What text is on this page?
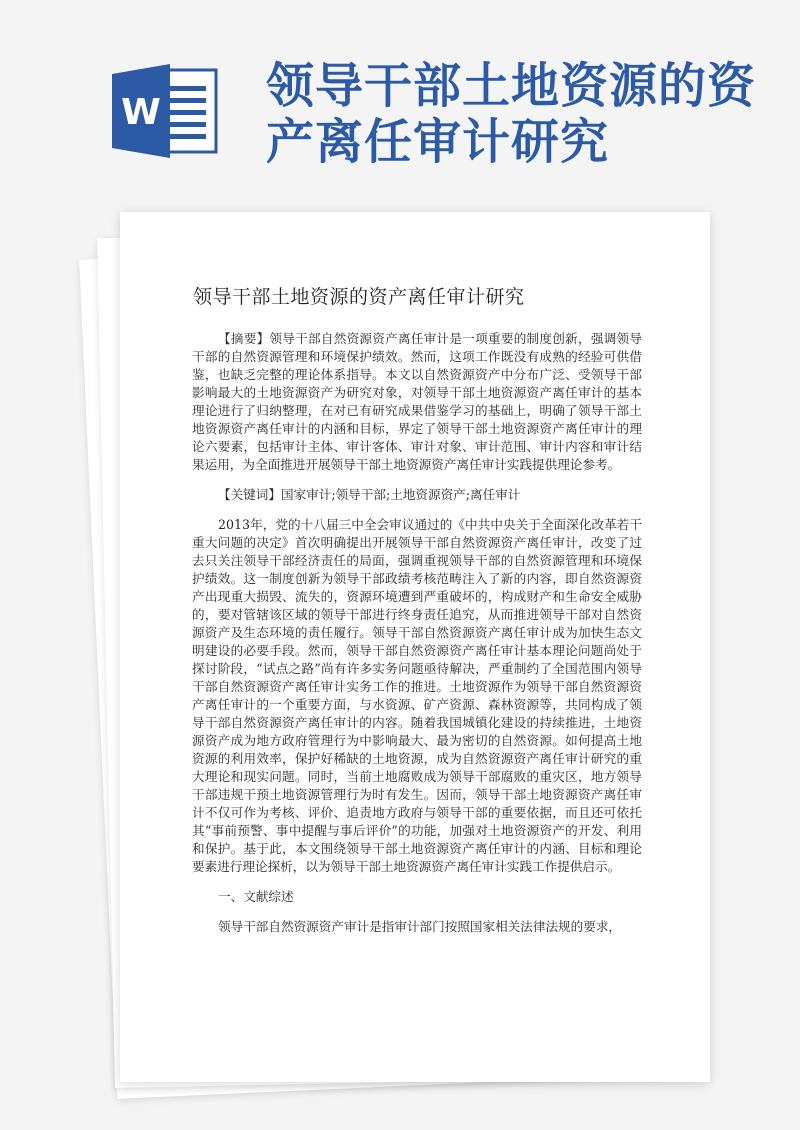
W 领导干部土地资源的资产离任审计研究
领导干部土地资源的资产离任审计研究

【摘要】领导干部自然资源资产离任审计是一项重要的制度创新，强调领导干部的自然资源管理和环境保护绩效。然而，这项工作既没有成熟的经验可供借鉴，也缺乏完整的理论体系指导。本文以自然资源资产中分布广泛、受领导干部影响最大的土地资源资产为研究对象，对领导干部土地资源资产离任审计的基本理论进行了归纳整理，在对已有研究成果借鉴学习的基础上，明确了领导干部土地资源资产离任审计的内涵和目标，界定了领导干部土地资源资产离任审计的理论六要素，包括审计主体、审计客体、审计对象、审计范围、审计内容和审计结果运用，为全面推进开展领导干部土地资源资产离任审计实践提供理论参考。

【关键词】国家审计;领导干部;土地资源资产;离任审计

2013年，党的十八届三中全会审议通过的《中共中央关于全面深化改革若干重大问题的决定》首次明确提出开展领导干部自然资源资产离任审计，改变了过去只关注领导干部经济责任的局面，强调重视领导干部的自然资源管理和环境保护绩效。这一制度创新为领导干部政绩考核范畴注入了新的内容，即自然资源资产出现重大损毁、流失的，资源环境遭到严重破坏的，构成财产和生命安全威胁的，要对管辖该区域的领导干部进行终身责任追究，从而推进领导干部对自然资源资产及生态环境的责任履行。领导干部自然资源资产离任审计成为加快生态文明建设的必要手段。然而，领导干部自然资源资产离任审计基本理论问题尚处于探讨阶段，“试点之路”尚有许多实务问题亟待解决，严重制约了全国范围内领导干部自然资源资产离任审计实务工作的推进。土地资源作为领导干部自然资源资产离任审计的一个重要方面，与水资源、矿产资源、森林资源等，共同构成了领导干部自然资源资产离任审计的内容。随着我国城镇化建设的持续推进，土地资源资产成为地方政府管理行为中影响最大、最为密切的自然资源。如何提高土地资源的利用效率，保护好稀缺的土地资源，成为自然资源资产离任审计研究的重大理论和现实问题。同时，当前土地腐败成为领导干部腐败的重灾区，地方领导干部违规干预土地资源管理行为时有发生。因而，领导干部土地资源资产离任审计不仅可作为考核、评价、追责地方政府与领导干部的重要依据，而且还可依托其“事前预警、事中提醒与事后评价”的功能，加强对土地资源资产的开发、利用和保护。基于此，本文围绕领导干部土地资源资产离任审计的内涵、目标和理论要素进行理论探析，以为领导干部土地资源资产离任审计实践工作提供启示。

一、文献综述

领导干部自然资源资产审计是指审计部门按照国家相关法律法规的要求，
